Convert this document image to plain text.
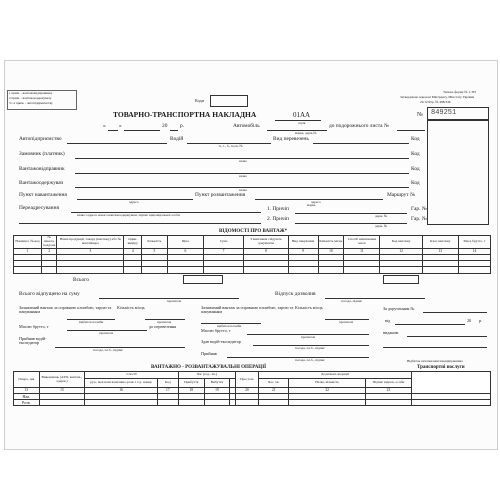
1 прим. - вантажовідправнику
2 прим. - вантажоодержувачу
3 і 4 прим. - автопідприємству
Типова форма № 1-ТН
Затверджено наказом Мінтрансу, Мінстату України
29.12.95р. № 488/346
Коди
ТОВАРНО-ТРАНСПОРТНА НАКЛАДНА	01АА
серія
№ 849251
« »	20 р.	Автомобіль
марка, держ.№
до подорожнього листа №
Автопідприємство	Водій
п., і., б., посв. №
Вид перевезень	Код
Замовник (платник)
назва
Код
Вантажовідправник
назва
Код
Вантажоодержувач
назва
Код
Пункт навантаження
адреса
Пункт розвантаження
адреса
Маршрут №
Переадресування
назва і адреса нового вантажоодержувача, підпис відповідальної особи
1. Причіп
марка
держ. №
Гар. №
2. Причіп
держ. №
Гар. №
ВІДОМОСТІ ПРО ВАНТАЖ*
Номенкл. №,код	№ пакета, поддона	Назва продукції, товару (вантажу) або № контейнера	Один. виміру	Кількість	Ціна	Сума	З вантажем слідують документи	Вид пакування	Кількість місць	Спосіб визначення маси	Код вантажу	Клас вантажу	Маса брутто, т
1	2	3	4	5	6	7	8	9	10	11	12	13	14

Всього
Всього відпущено на суму
прописом
Відпуск дозволив
посада, підпис
Зазначений вантаж за справною пломбою, тарою та пакуванням
відбиток пломби
Кількість місць
прописом
Масою брутто, т
прописом
до перевезення
Прийняв водій-експедитор
посада, п.і.б., підпис
Зазначений вантаж за справною пломбою, тарою та пакуванням
відбиток пломби
Кількість місць
прописом
Масою брутто, т
прописом
Здав водій-експедитор
посада, п.і.б., підпис
Прийняв
посада, п.і.б., підпис
За дорученням №
від	20 р.
виданим
Відбиток печатки вантажовідправника
ВАНТАЖНО - РОЗВАНТАЖУВАЛЬНІ ОПЕРАЦІЇ	Транспортні послуги
Опера- ція	Виконавець (АТП, вантаж-, одерж.)	Спосіб		Час (год., хв.)			Простою	Додаткові операції			
		руч., мех.назв вантажно-розв. і т.д. номер	Код	Прибуття	Вибуття			Час, хв.	Назва, кількість	Підпис відпов. особи	
13	15	16	17	18	19		20	21	22	23	
Нав.											
Розв.											
